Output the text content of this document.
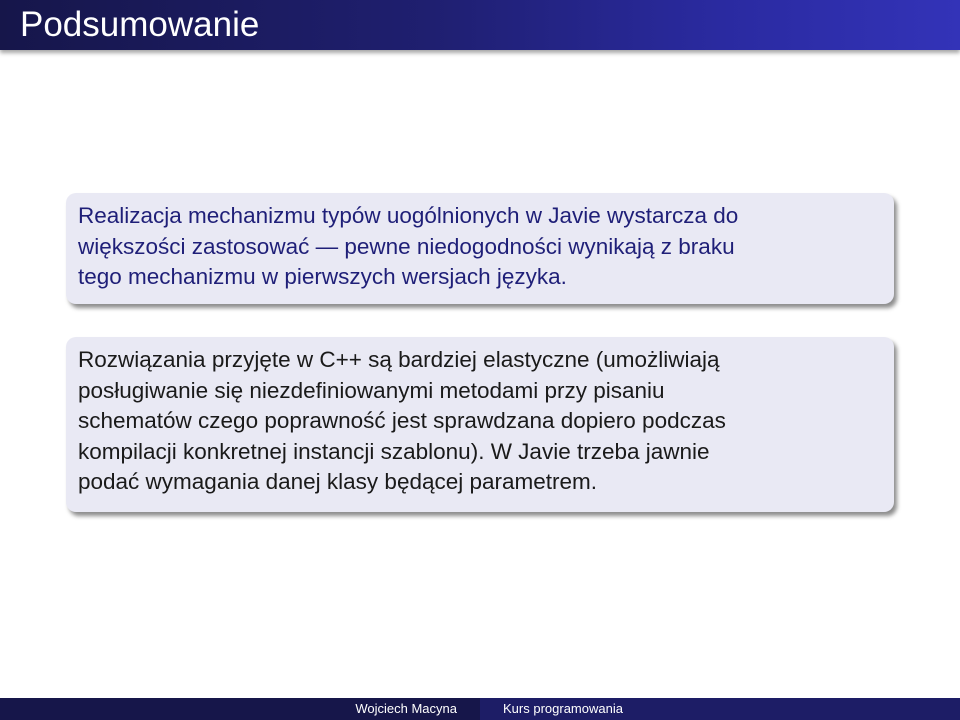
Podsumowanie

Realizacja mechanizmu typów uogólnionych w Javie wystarcza do
większości zastosować — pewne niedogodności wynikają z braku
tego mechanizmu w pierwszych wersjach języka.

Rozwiązania przyjęte w C++ są bardziej elastyczne (umożliwiają
posługiwanie się niezdefiniowanymi metodami przy pisaniu
schematów czego poprawność jest sprawdzana dopiero podczas
kompilacji konkretnej instancji szablonu). W Javie trzeba jawnie
podać wymagania danej klasy będącej parametrem.

Wojciech Macyna	Kurs programowania
